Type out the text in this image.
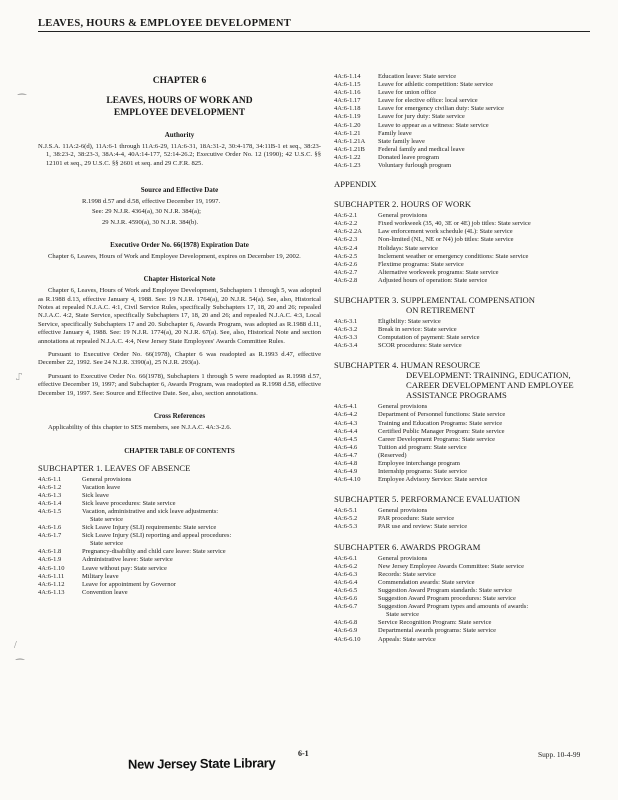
LEAVES, HOURS & EMPLOYEE DEVELOPMENT
CHAPTER 6
LEAVES, HOURS OF WORK AND
EMPLOYEE DEVELOPMENT
Authority

N.J.S.A. 11A:2-6(d), 11A:6-1 through 11A:6-29, 11A:6-31, 18A:31-2, 30:4-178, 34:11B-1 et seq., 38:23-1, 38:23-2, 38:23-3, 38A:4-4, 40A:14-177, 52:14-26.2; Executive Order No. 12 (1990); 42 U.S.C. §§ 12101 et seq., 29 U.S.C. §§ 2601 et seq. and 29 C.F.R. 825.

Source and Effective Date
R.1998 d.57 and d.58, effective December 19, 1997.
See: 29 N.J.R. 4364(a), 30 N.J.R. 384(a);
29 N.J.R. 4590(a), 30 N.J.R. 384(b).
Executive Order No. 66(1978) Expiration Date

Chapter 6, Leaves, Hours of Work and Employee Development, expires on December 19, 2002.

Chapter Historical Note

Chapter 6, Leaves, Hours of Work and Employee Development, Subchapters 1 through 5, was adopted as R.1988 d.13, effective January 4, 1988. See: 19 N.J.R. 1764(a), 20 N.J.R. 54(a). See, also, Historical Notes at repealed N.J.A.C. 4:1, Civil Service Rules, specifically Subchapters 17, 18, 20 and 26; repealed N.J.A.C. 4:2, State Service, specifically Subchapters 17, 18, 20 and 26; and repealed N.J.A.C. 4:3, Local Service, specifically Subchapters 17 and 20. Subchapter 6, Awards Program, was adopted as R.1988 d.11, effective January 4, 1988. See: 19 N.J.R. 1774(a), 20 N.J.R. 67(a). See, also, Historical Note and section annotations at repealed N.J.A.C. 4:4, New Jersey State Employees' Awards Committee Rules.

Pursuant to Executive Order No. 66(1978), Chapter 6 was readopted as R.1993 d.47, effective December 22, 1992. See 24 N.J.R. 3390(a), 25 N.J.R. 293(a).

Pursuant to Executive Order No. 66(1978), Subchapters 1 through 5 were readopted as R.1998 d.57, effective December 19, 1997; and Subchapter 6, Awards Program, was readopted as R.1998 d.58, effective December 19, 1997. See: Source and Effective Date. See, also, section annotations.

Cross References

Applicability of this chapter to SES members, see N.J.A.C. 4A:3-2.6.

CHAPTER TABLE OF CONTENTS
SUBCHAPTER 1. LEAVES OF ABSENCE
4A:6-1.1	General provisions
4A:6-1.2	Vacation leave
4A:6-1.3	Sick leave
4A:6-1.4	Sick leave procedures: State service
4A:6-1.5	Vacation, administrative and sick leave adjustments:
State service
4A:6-1.6	Sick Leave Injury (SLI) requirements: State service
4A:6-1.7	Sick Leave Injury (SLI) reporting and appeal procedures:
State service
4A:6-1.8	Pregnancy-disability and child care leave: State service
4A:6-1.9	Administrative leave: State service
4A:6-1.10	Leave without pay: State service
4A:6-1.11	Military leave
4A:6-1.12	Leave for appointment by Governor
4A:6-1.13	Convention leave
4A:6-1.14	Education leave: State service
4A:6-1.15	Leave for athletic competition: State service
4A:6-1.16	Leave for union office
4A:6-1.17	Leave for elective office: local service
4A:6-1.18	Leave for emergency civilian duty: State service
4A:6-1.19	Leave for jury duty: State service
4A:6-1.20	Leave to appear as a witness: State service
4A:6-1.21	Family leave
4A:6-1.21A	State family leave
4A:6-1.21B	Federal family and medical leave
4A:6-1.22	Donated leave program
4A:6-1.23	Voluntary furlough program
APPENDIX
SUBCHAPTER 2. HOURS OF WORK
4A:6-2.1	General provisions
4A:6-2.2	Fixed workweek (35, 40, 3E or 4E) job titles: State service
4A:6-2.2A	Law enforcement work schedule (4L): State service
4A:6-2.3	Non-limited (NL, NE or N4) job titles: State service
4A:6-2.4	Holidays: State service
4A:6-2.5	Inclement weather or emergency conditions: State service
4A:6-2.6	Flextime programs: State service
4A:6-2.7	Alternative workweek programs: State service
4A:6-2.8	Adjusted hours of operation: State service
SUBCHAPTER 3. SUPPLEMENTAL COMPENSATION
ON RETIREMENT
4A:6-3.1	Eligibility: State service
4A:6-3.2	Break in service: State service
4A:6-3.3	Computation of payment: State service
4A:6-3.4	SCOR procedures: State service
SUBCHAPTER 4. HUMAN RESOURCE
DEVELOPMENT: TRAINING, EDUCATION, CAREER DEVELOPMENT AND EMPLOYEE ASSISTANCE PROGRAMS
4A:6-4.1	General provisions
4A:6-4.2	Department of Personnel functions: State service
4A:6-4.3	Training and Education Programs: State service
4A:6-4.4	Certified Public Manager Program: State service
4A:6-4.5	Career Development Programs: State service
4A:6-4.6	Tuition aid program: State service
4A:6-4.7	(Reserved)
4A:6-4.8	Employee interchange program
4A:6-4.9	Internship programs: State service
4A:6-4.10	Employee Advisory Service: State service
SUBCHAPTER 5. PERFORMANCE EVALUATION
4A:6-5.1	General provisions
4A:6-5.2	PAR procedure: State service
4A:6-5.3	PAR use and review: State service
SUBCHAPTER 6. AWARDS PROGRAM
4A:6-6.1	General provisions
4A:6-6.2	New Jersey Employee Awards Committee: State service
4A:6-6.3	Records: State service
4A:6-6.4	Commendation awards: State service
4A:6-6.5	Suggestion Award Program standards: State service
4A:6-6.6	Suggestion Award Program procedures: State service
4A:6-6.7	Suggestion Award Program types and amounts of awards:
State service
4A:6-6.8	Service Recognition Program: State service
4A:6-6.9	Departmental awards programs: State service
4A:6-6.10	Appeals: State service
6-1	Supp. 10-4-99
New Jersey State Library
⁀
⑀
/
⁀
